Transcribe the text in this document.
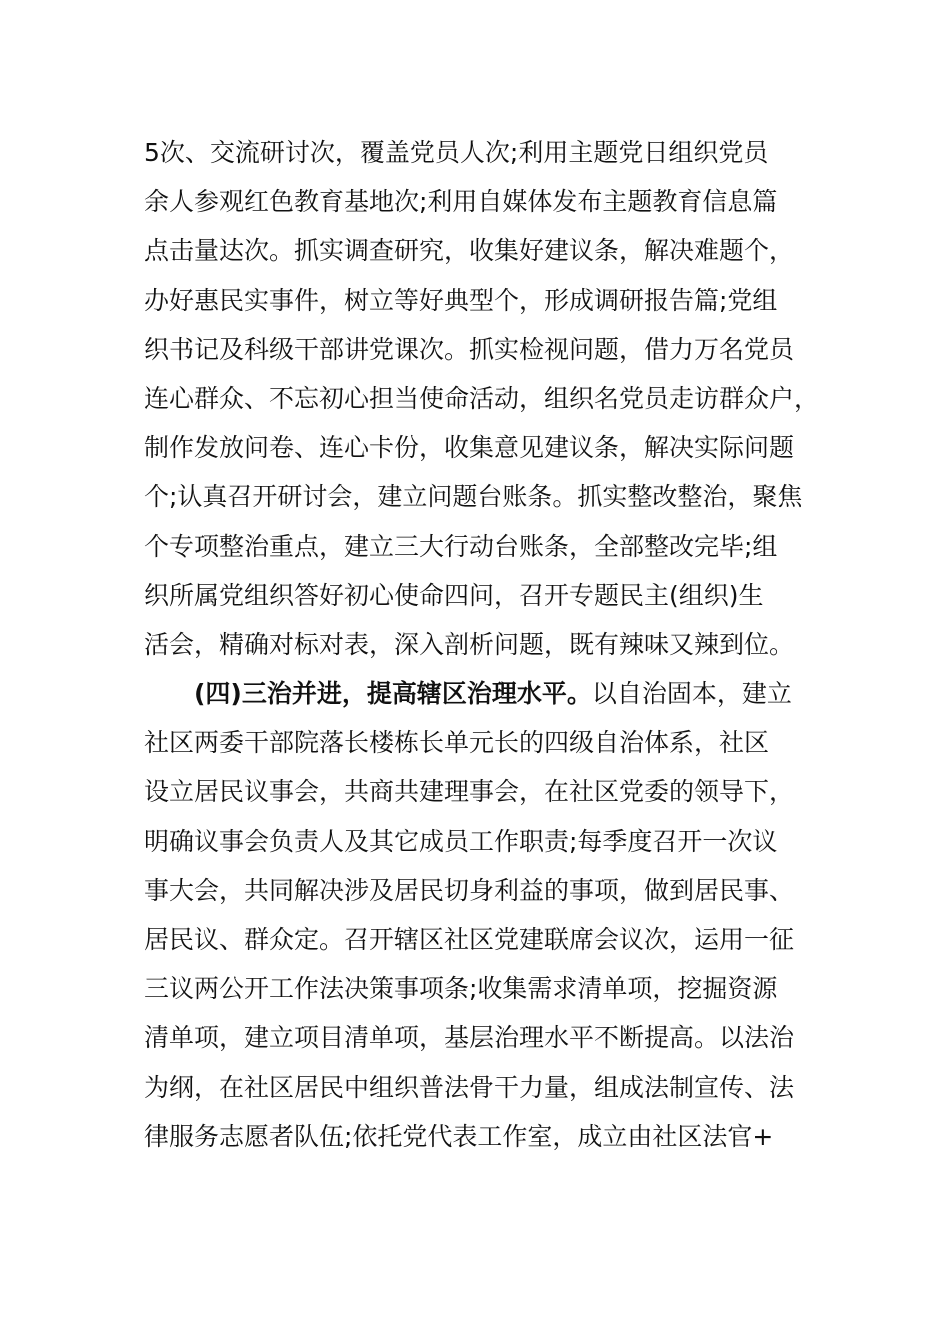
5次、交流研讨次，覆盖党员人次;利用主题党日组织党员
余人参观红色教育基地次;利用自媒体发布主题教育信息篇
点击量达次。抓实调查研究，收集好建议条，解决难题个，
办好惠民实事件，树立等好典型个，形成调研报告篇;党组
织书记及科级干部讲党课次。抓实检视问题，借力万名党员
连心群众、不忘初心担当使命活动，组织名党员走访群众户，
制作发放问卷、连心卡份，收集意见建议条，解决实际问题
个;认真召开研讨会，建立问题台账条。抓实整改整治，聚焦
个专项整治重点，建立三大行动台账条，全部整改完毕;组
织所属党组织答好初心使命四问，召开专题民主(组织)生
活会，精确对标对表，深入剖析问题，既有辣味又辣到位。
(四)三治并进，提高辖区治理水平。以自治固本，建立
社区两委干部院落长楼栋长单元长的四级自治体系，社区
设立居民议事会，共商共建理事会，在社区党委的领导下，
明确议事会负责人及其它成员工作职责;每季度召开一次议
事大会，共同解决涉及居民切身利益的事项，做到居民事、
居民议、群众定。召开辖区社区党建联席会议次，运用一征
三议两公开工作法决策事项条;收集需求清单项，挖掘资源
清单项，建立项目清单项，基层治理水平不断提高。以法治
为纲，在社区居民中组织普法骨干力量，组成法制宣传、法
律服务志愿者队伍;依托党代表工作室，成立由社区法官+
